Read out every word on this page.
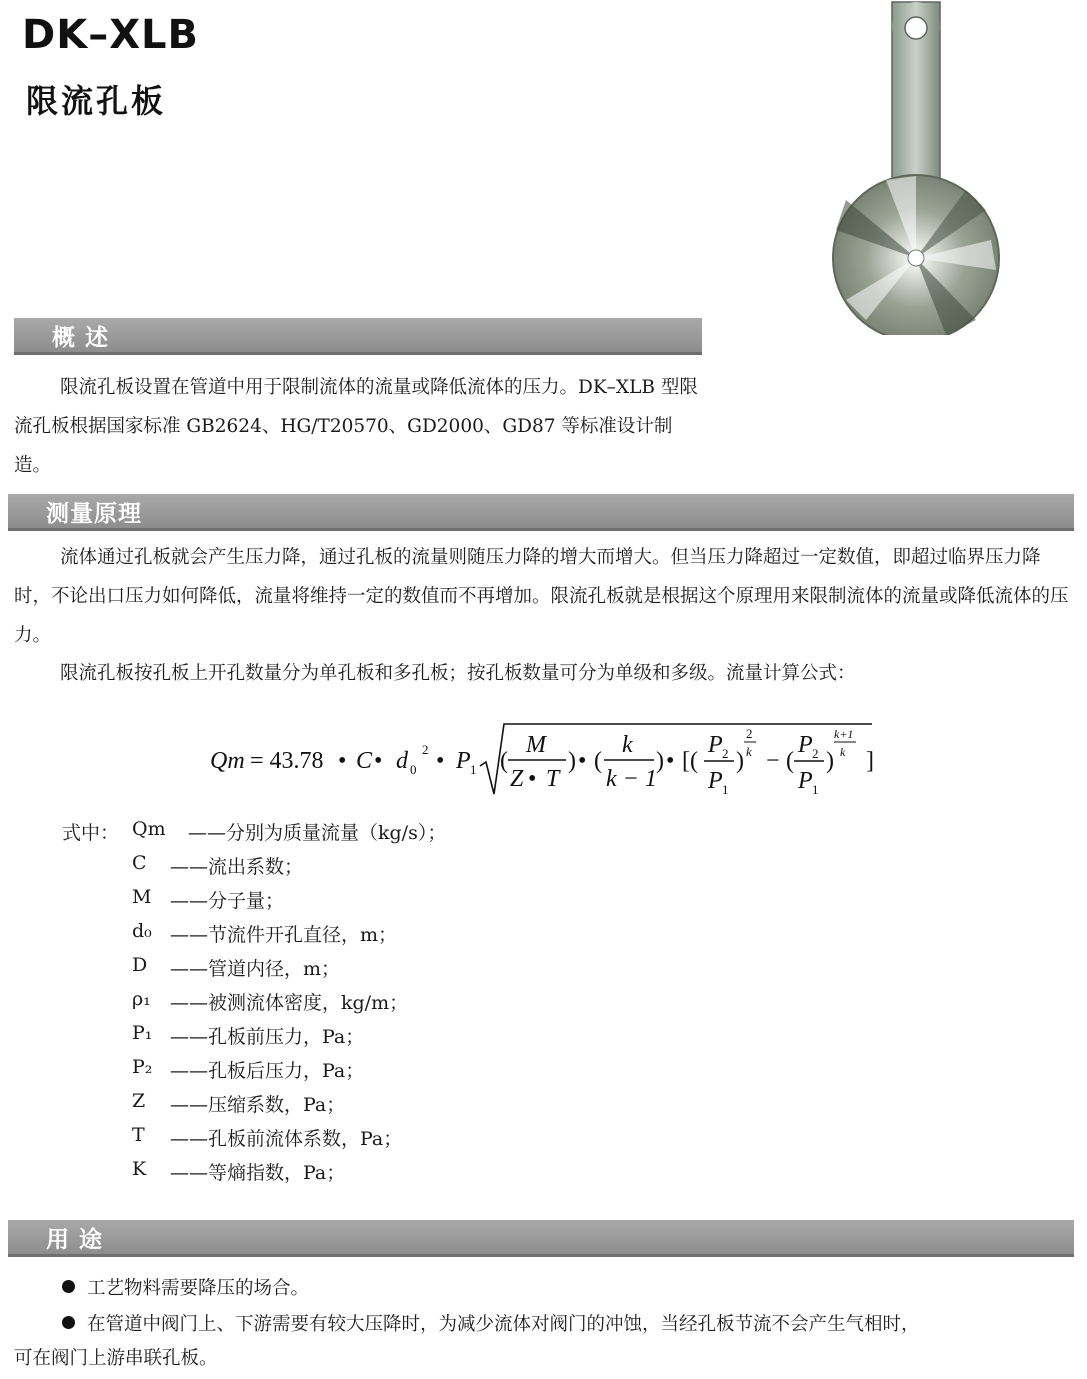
DK–XLB
限流孔板
概 述
限流孔板设置在管道中用于限制流体的流量或降低流体的压力。DK–XLB 型限流孔板根据国家标准 GB2624、HG/T20570、GD2000、GD87 等标准设计制造。
测量原理
流体通过孔板就会产生压力降，通过孔板的流量则随压力降的增大而增大。但当压力降超过一定数值，即超过临界压力降时，不论出口压力如何降低，流量将维持一定的数值而不再增加。限流孔板就是根据这个原理用来限制流体的流量或降低流体的压力。
限流孔板按孔板上开孔数量分为单孔板和多孔板；按孔板数量可分为单级和多级。流量计算公式：
Qm = 43.78 • C • d 0
2 • P 1 (
M
Z • T
) • (
k
k − 1
) • [(
P 2
P 1
)
2
k − (
P 2
P 1
)
k+1
k ]
式中： Qm	——分别为质量流量（kg/s）；
C	——流出系数；
M ——分子量；
d₀ ——节流件开孔直径，m；
D	——管道内径，m；
ρ₁	——被测流体密度，kg/m；
P₁ ——孔板前压力，Pa；
P₂ ——孔板后压力，Pa；
Z	——压缩系数，Pa；
T	——孔板前流体系数，Pa；
K	——等熵指数，Pa；
用 途
工艺物料需要降压的场合。
在管道中阀门上、下游需要有较大压降时，为减少流体对阀门的冲蚀，当经孔板节流不会产生气相时，
可在阀门上游串联孔板。
